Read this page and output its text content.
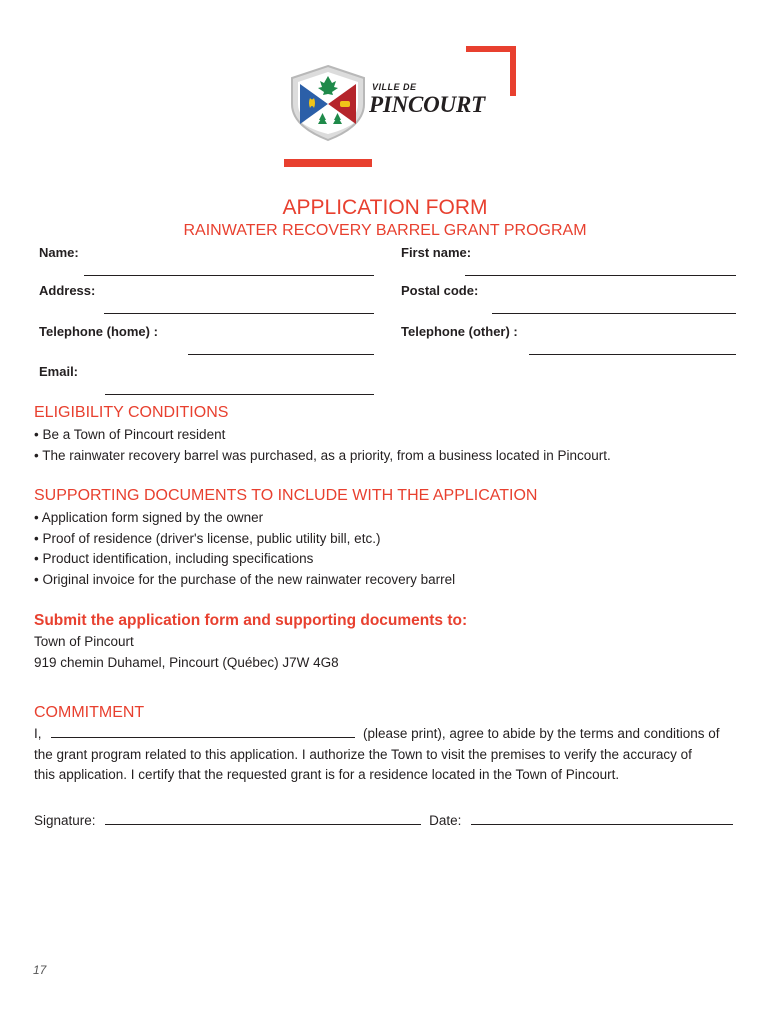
VILLE DE
PINCOURT
APPLICATION FORM
RAINWATER RECOVERY BARREL GRANT PROGRAM
Name:	First name:
Address:	Postal code:
Telephone (home) :	Telephone (other) :
Email:
ELIGIBILITY CONDITIONS
• Be a Town of Pincourt resident
• The rainwater recovery barrel was purchased, as a priority, from a business located in Pincourt.
SUPPORTING DOCUMENTS TO INCLUDE WITH THE APPLICATION
• Application form signed by the owner
• Proof of residence (driver's license, public utility bill, etc.)
• Product identification, including specifications
• Original invoice for the purchase of the new rainwater recovery barrel
Submit the application form and supporting documents to:
Town of Pincourt
919 chemin Duhamel, Pincourt (Québec) J7W 4G8
COMMITMENT
I,	(please print), agree to abide by the terms and conditions of
the grant program related to this application. I authorize the Town to visit the premises to verify the accuracy of
this application. I certify that the requested grant is for a residence located in the Town of Pincourt.
Signature:	Date:
17
